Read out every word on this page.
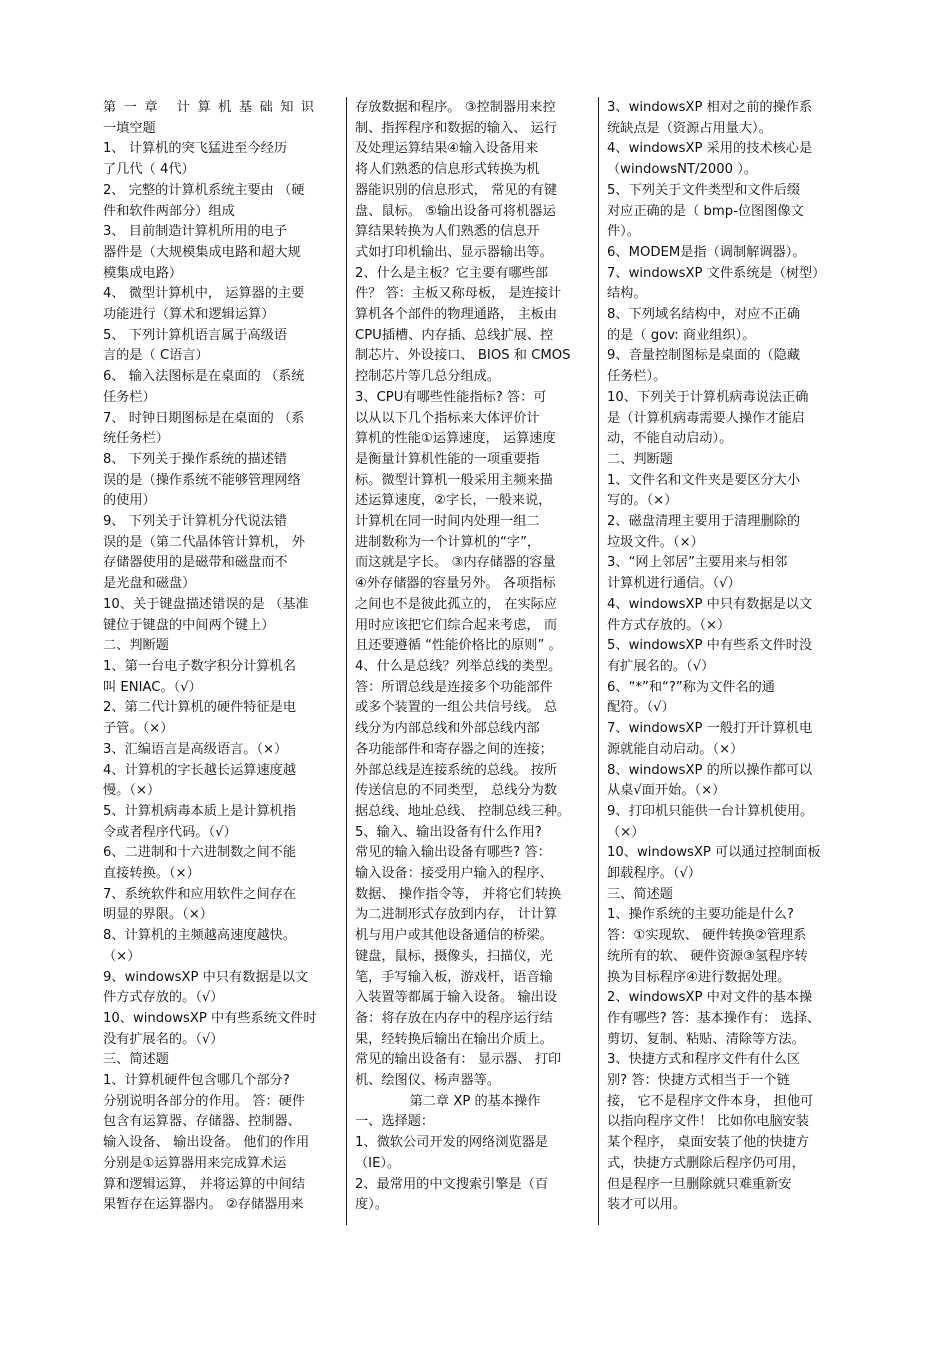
第一章 计算机基础知识
一填空题
1、 计算机的突飞猛进至今经历
了几代（ 4代）
2、 完整的计算机系统主要由 （硬
件和软件两部分）组成
3、 目前制造计算机所用的电子
器件是（大规模集成电路和超大规
模集成电路）
4、 微型计算机中， 运算器的主要
功能进行（算术和逻辑运算）
5、 下列计算机语言属于高级语
言的是（ C语言）
6、 输入法图标是在桌面的 （系统
任务栏）
7、 时钟日期图标是在桌面的 （系
统任务栏）
8、 下列关于操作系统的描述错
误的是（操作系统不能够管理网络
的使用）
9、 下列关于计算机分代说法错
误的是（第二代晶体管计算机， 外
存储器使用的是磁带和磁盘而不
是光盘和磁盘）
10、关于键盘描述错误的是 （基准
键位于键盘的中间两个键上）
二、判断题
1、第一台电子数字积分计算机名
叫 ENIAC。（√）
2、第二代计算机的硬件特征是电
子管。（×）
3、汇编语言是高级语言。（×）
4、计算机的字长越长运算速度越
慢。（×）
5、计算机病毒本质上是计算机指
令或者程序代码。（√）
6、二进制和十六进制数之间不能
直接转换。（×）
7、系统软件和应用软件之间存在
明显的界限。（×）
8、计算机的主频越高速度越快。
（×）
9、windowsXP 中只有数据是以文
件方式存放的。（√）
10、windowsXP 中有些系统文件时
没有扩展名的。（√）
三、简述题
1、计算机硬件包含哪几个部分?
分别说明各部分的作用。 答：硬件
包含有运算器、存储器、控制器、
输入设备、 输出设备。 他们的作用
分别是①运算器用来完成算术运
算和逻辑运算， 并将运算的中间结
果暂存在运算器内。 ②存储器用来
存放数据和程序。 ③控制器用来控
制、指挥程序和数据的输入、 运行
及处理运算结果④输入设备用来
将人们熟悉的信息形式转换为机
器能识别的信息形式， 常见的有键
盘、鼠标。 ⑤输出设备可将机器运
算结果转换为人们熟悉的信息开
式如打印机输出、显示器输出等。
2、什么是主板？它主要有哪些部
件？ 答：主板又称母板， 是连接计
算机各个部件的物理通路， 主板由
CPU插槽、内存插、总线扩展、控
制芯片、外设接口、 BIOS 和 CMOS
控制芯片等几总分组成。
3、CPU有哪些性能指标? 答：可
以从以下几个指标来大体评价计
算机的性能①运算速度， 运算速度
是衡量计算机性能的一项重要指
标。微型计算机一般采用主频来描
述运算速度，②字长，一般来说，
计算机在同一时间内处理一组二
进制数称为一个计算机的“字”，
而这就是字长。 ③内存储器的容量
④外存储器的容量另外。 各项指标
之间也不是彼此孤立的， 在实际应
用时应该把它们综合起来考虑， 而
且还要遵循 “性能价格比的原则” 。
4、什么是总线？列举总线的类型。
答：所谓总线是连接多个功能部件
或多个装置的一组公共信号线。 总
线分为内部总线和外部总线内部
各功能部件和寄存器之间的连接；
外部总线是连接系统的总线。 按所
传送信息的不同类型， 总线分为数
据总线、地址总线、 控制总线三种。
5、输入、输出设备有什么作用?
常见的输入输出设备有哪些? 答：
输入设备：接受用户输入的程序、
数据、 操作指令等， 并将它们转换
为二进制形式存放到内存， 计计算
机与用户或其他设备通信的桥梁。
键盘，鼠标，摄像头，扫描仪，光
笔，手写输入板，游戏杆，语音输
入装置等都属于输入设备。 输出设
备：将存放在内存中的程序运行结
果，经转换后输出在输出介质上。
常见的输出设备有： 显示器、 打印
机、绘图仪、杨声器等。
第二章 XP 的基本操作
一、选择题：
1、微软公司开发的网络浏览器是
（IE）。
2、最常用的中文搜索引擎是（百
度）。
3、windowsXP 相对之前的操作系
统缺点是（资源占用量大）。
4、windowsXP 采用的技术核心是
（windowsNT/2000 ）。
5、下列关于文件类型和文件后缀
对应正确的是（ bmp-位图图像文
件）。
6、MODEM是指（调制解调器）。
7、windowsXP 文件系统是（树型）
结构。
8、下列域名结构中，对应不正确
的是（ gov: 商业组织）。
9、音量控制图标是桌面的（隐藏
任务栏）。
10、下列关于计算机病毒说法正确
是（计算机病毒需要人操作才能启
动，不能自动启动）。
二、判断题
1、文件名和文件夹是要区分大小
写的。（×）
2、磁盘清理主要用于清理删除的
垃圾文件。（×）
3、“网上邻居”主要用来与相邻
计算机进行通信。（√）
4、windowsXP 中只有数据是以文
件方式存放的。（×）
5、windowsXP 中有些系文件时没
有扩展名的。（√）
6、“*”和“?”称为文件名的通
配符。（√）
7、windowsXP 一般打开计算机电
源就能自动启动。（×）
8、windowsXP 的所以操作都可以
从桌√面开始。（×）
9、打印机只能供一台计算机使用。
（×）
10、windowsXP 可以通过控制面板
卸载程序。（√）
三、简述题
1、操作系统的主要功能是什么?
答：①实现软、 硬件转换②管理系
统所有的软、 硬件资源③氢程序转
换为目标程序④进行数据处理。
2、windowsXP 中对文件的基本操
作有哪些? 答：基本操作有： 选择、
剪切、复制、粘贴、清除等方法。
3、快捷方式和程序文件有什么区
别? 答：快捷方式相当于一个链
接， 它不是程序文件本身， 担他可
以指向程序文件！ 比如你电脑安装
某个程序， 桌面安装了他的快捷方
式，快捷方式删除后程序仍可用，
但是程序一旦删除就只难重新安
装才可以用。
